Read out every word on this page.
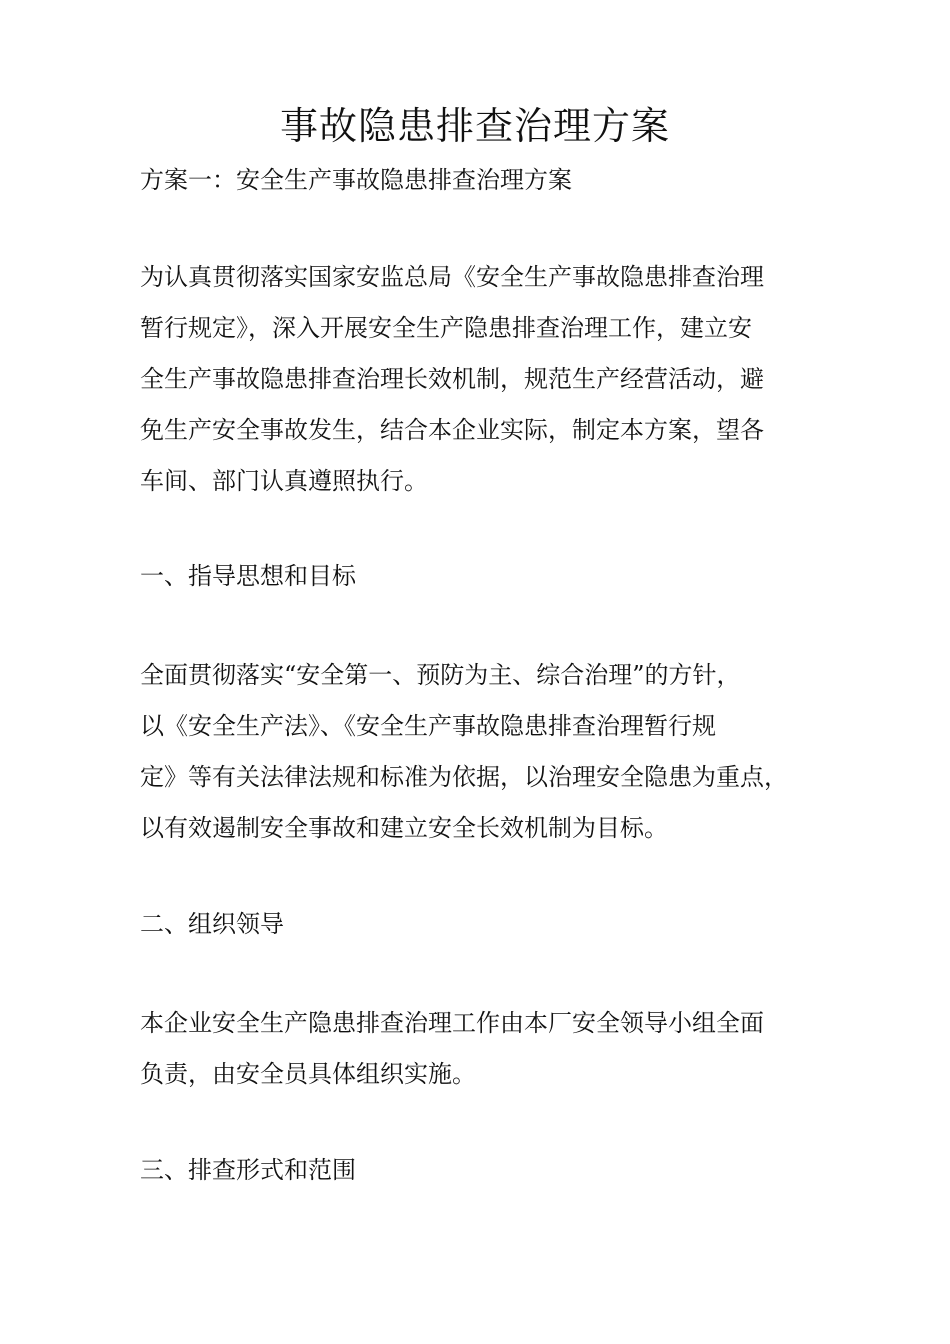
事故隐患排查治理方案

方案一：安全生产事故隐患排查治理方案

为认真贯彻落实国家安监总局《安全生产事故隐患排查治理
暂行规定》，深入开展安全生产隐患排查治理工作，建立安
全生产事故隐患排查治理长效机制，规范生产经营活动，避
免生产安全事故发生，结合本企业实际，制定本方案，望各
车间、部门认真遵照执行。
一、指导思想和目标
全面贯彻落实“安全第一、预防为主、综合治理”的方针，
以《安全生产法》、《安全生产事故隐患排查治理暂行规
定》等有关法律法规和标准为依据，以治理安全隐患为重点，
以有效遏制安全事故和建立安全长效机制为目标。
二、组织领导
本企业安全生产隐患排查治理工作由本厂安全领导小组全面
负责，由安全员具体组织实施。
三、排查形式和范围
